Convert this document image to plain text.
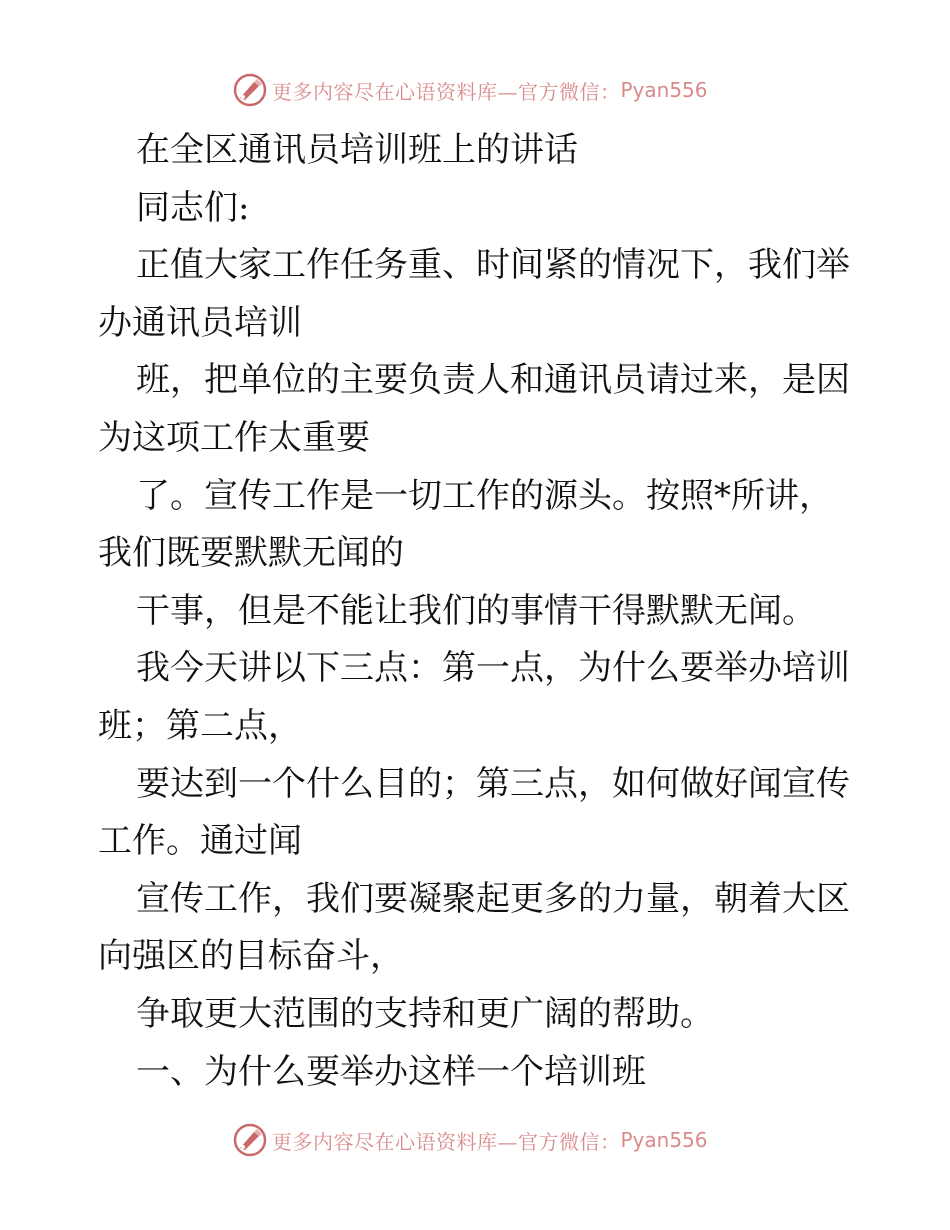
更多内容尽在心语资料库—官方微信： Pyan556
在全区通讯员培训班上的讲话
同志们:
正值大家工作任务重、时间紧的情况下，我们举
办通讯员培训
班，把单位的主要负责人和通讯员请过来，是因
为这项工作太重要
了。宣传工作是一切工作的源头。按照*所讲，
我们既要默默无闻的
干事，但是不能让我们的事情干得默默无闻。
我今天讲以下三点：第一点，为什么要举办培训
班；第二点，
要达到一个什么目的；第三点，如何做好闻宣传
工作。通过闻
宣传工作，我们要凝聚起更多的力量，朝着大区
向强区的目标奋斗，
争取更大范围的支持和更广阔的帮助。
一、为什么要举办这样一个培训班
更多内容尽在心语资料库—官方微信： Pyan556
